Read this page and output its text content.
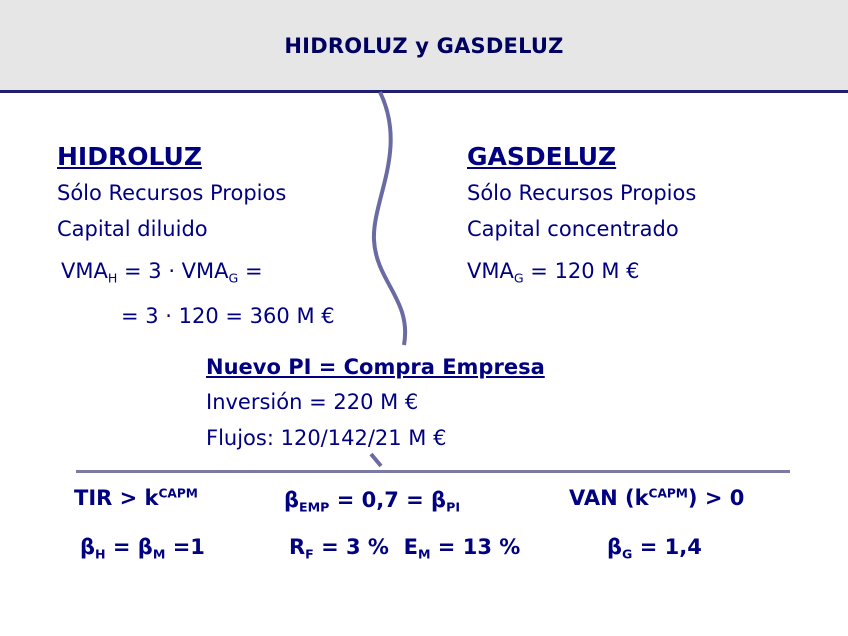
HIDROLUZ y GASDELUZ
HIDROLUZ
Sólo Recursos Propios
Capital diluido
$VMA_H = 3 \cdot VMA_G$ =
= 3 · 120 = 360 M €
GASDELUZ
Sólo Recursos Propios
Capital concentrado
$VMA_G = 120$ M €
Nuevo PI = Compra Empresa
Inversión = 220 M €
Flujos: 120/142/21 M €
TIR > $k^{CAPM}$	$\beta_{EMP} = 0,7 = \beta_{PI}$	VAN $(k^{CAPM}) > 0$
$\beta_H = \beta_M =1$	$R_F = 3$ %  $E_M = 13$ %	$\beta_G = 1,4$
